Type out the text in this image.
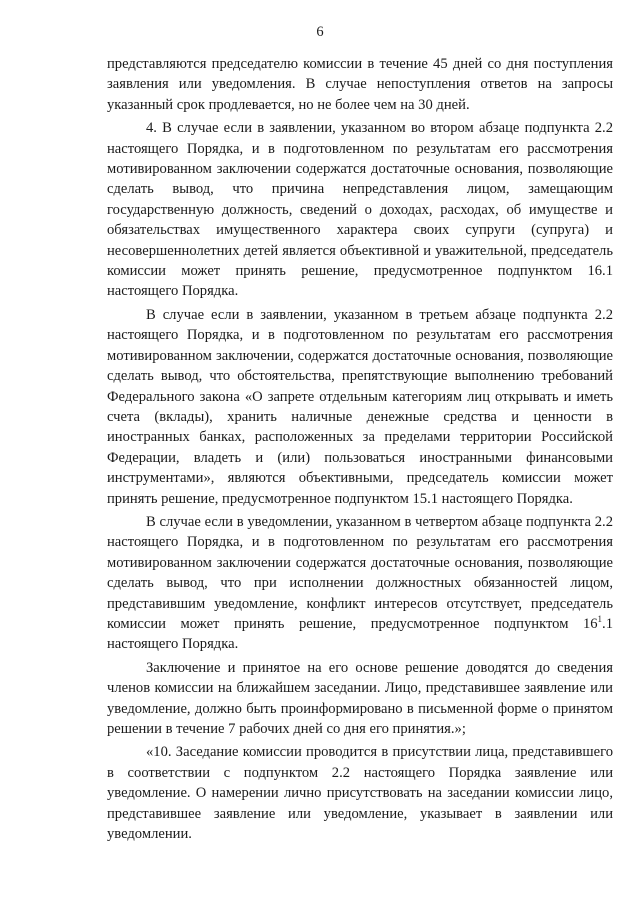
6

представляются председателю комиссии в течение 45 дней со дня поступления заявления или уведомления. В случае непоступления ответов на запросы указанный срок продлевается, но не более чем на 30 дней.

4. В случае если в заявлении, указанном во втором абзаце подпункта 2.2 настоящего Порядка, и в подготовленном по результатам его рассмотрения мотивированном заключении содержатся достаточные основания, позволяющие сделать вывод, что причина непредставления лицом, замещающим государственную должность, сведений о доходах, расходах, об имуществе и обязательствах имущественного характера своих супруги (супруга) и несовершеннолетних детей является объективной и уважительной, председатель комиссии может принять решение, предусмотренное подпунктом 16.1 настоящего Порядка.

В случае если в заявлении, указанном в третьем абзаце подпункта 2.2 настоящего Порядка, и в подготовленном по результатам его рассмотрения мотивированном заключении, содержатся достаточные основания, позволяющие сделать вывод, что обстоятельства, препятствующие выполнению требований Федерального закона «О запрете отдельным категориям лиц открывать и иметь счета (вклады), хранить наличные денежные средства и ценности в иностранных банках, расположенных за пределами территории Российской Федерации, владеть и (или) пользоваться иностранными финансовыми инструментами», являются объективными, председатель комиссии может принять решение, предусмотренное подпунктом 15.1 настоящего Порядка.

В случае если в уведомлении, указанном в четвертом абзаце подпункта 2.2 настоящего Порядка, и в подготовленном по результатам его рассмотрения мотивированном заключении содержатся достаточные основания, позволяющие сделать вывод, что при исполнении должностных обязанностей лицом, представившим уведомление, конфликт интересов отсутствует, председатель комиссии может принять решение, предусмотренное подпунктом $16^1.1$ настоящего Порядка.

Заключение и принятое на его основе решение доводятся до сведения членов комиссии на ближайшем заседании. Лицо, представившее заявление или уведомление, должно быть проинформировано в письменной форме о принятом решении в течение 7 рабочих дней со дня его принятия.»;

«10. Заседание комиссии проводится в присутствии лица, представившего в соответствии с подпунктом 2.2 настоящего Порядка заявление или уведомление. О намерении лично присутствовать на заседании комиссии лицо, представившее заявление или уведомление, указывает в заявлении или уведомлении.
